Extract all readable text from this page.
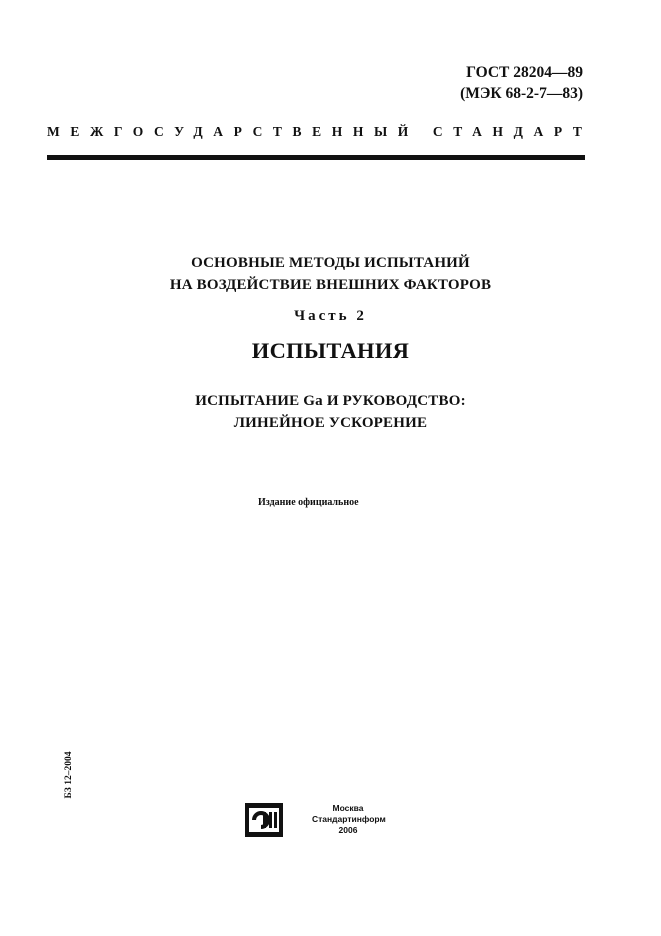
ГОСТ 28204—89
(МЭК 68-2-7—83)
МЕЖГОСУДАРСТВЕННЫЙ СТАНДАРТ
ОСНОВНЫЕ МЕТОДЫ ИСПЫТАНИЙ
НА ВОЗДЕЙСТВИЕ ВНЕШНИХ ФАКТОРОВ
Часть 2
ИСПЫТАНИЯ
ИСПЫТАНИЕ Ga И РУКОВОДСТВО:
ЛИНЕЙНОЕ УСКОРЕНИЕ
Издание официальное
БЗ 12–2004
Москва
Стандартинформ
2006
